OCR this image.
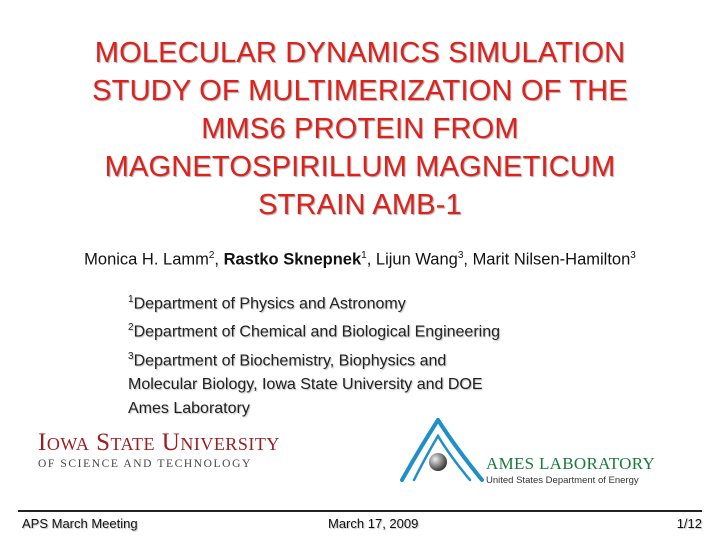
MOLECULAR DYNAMICS SIMULATION
STUDY OF MULTIMERIZATION OF THE
MMS6 PROTEIN FROM
MAGNETOSPIRILLUM MAGNETICUM
STRAIN AMB-1
Monica H. Lamm$^2$, Rastko Sknepnek$^1$, Lijun Wang$^3$, Marit Nilsen-Hamilton$^3$
$^1$Department of Physics and Astronomy
$^2$Department of Chemical and Biological Engineering
$^3$Department of Biochemistry, Biophysics and
Molecular Biology, Iowa State University and DOE
Ames Laboratory
Iowa State University
OF SCIENCE AND TECHNOLOGY	AMES LABORATORY
United States Department of Energy
APS March Meeting	March 17, 2009	1/12
